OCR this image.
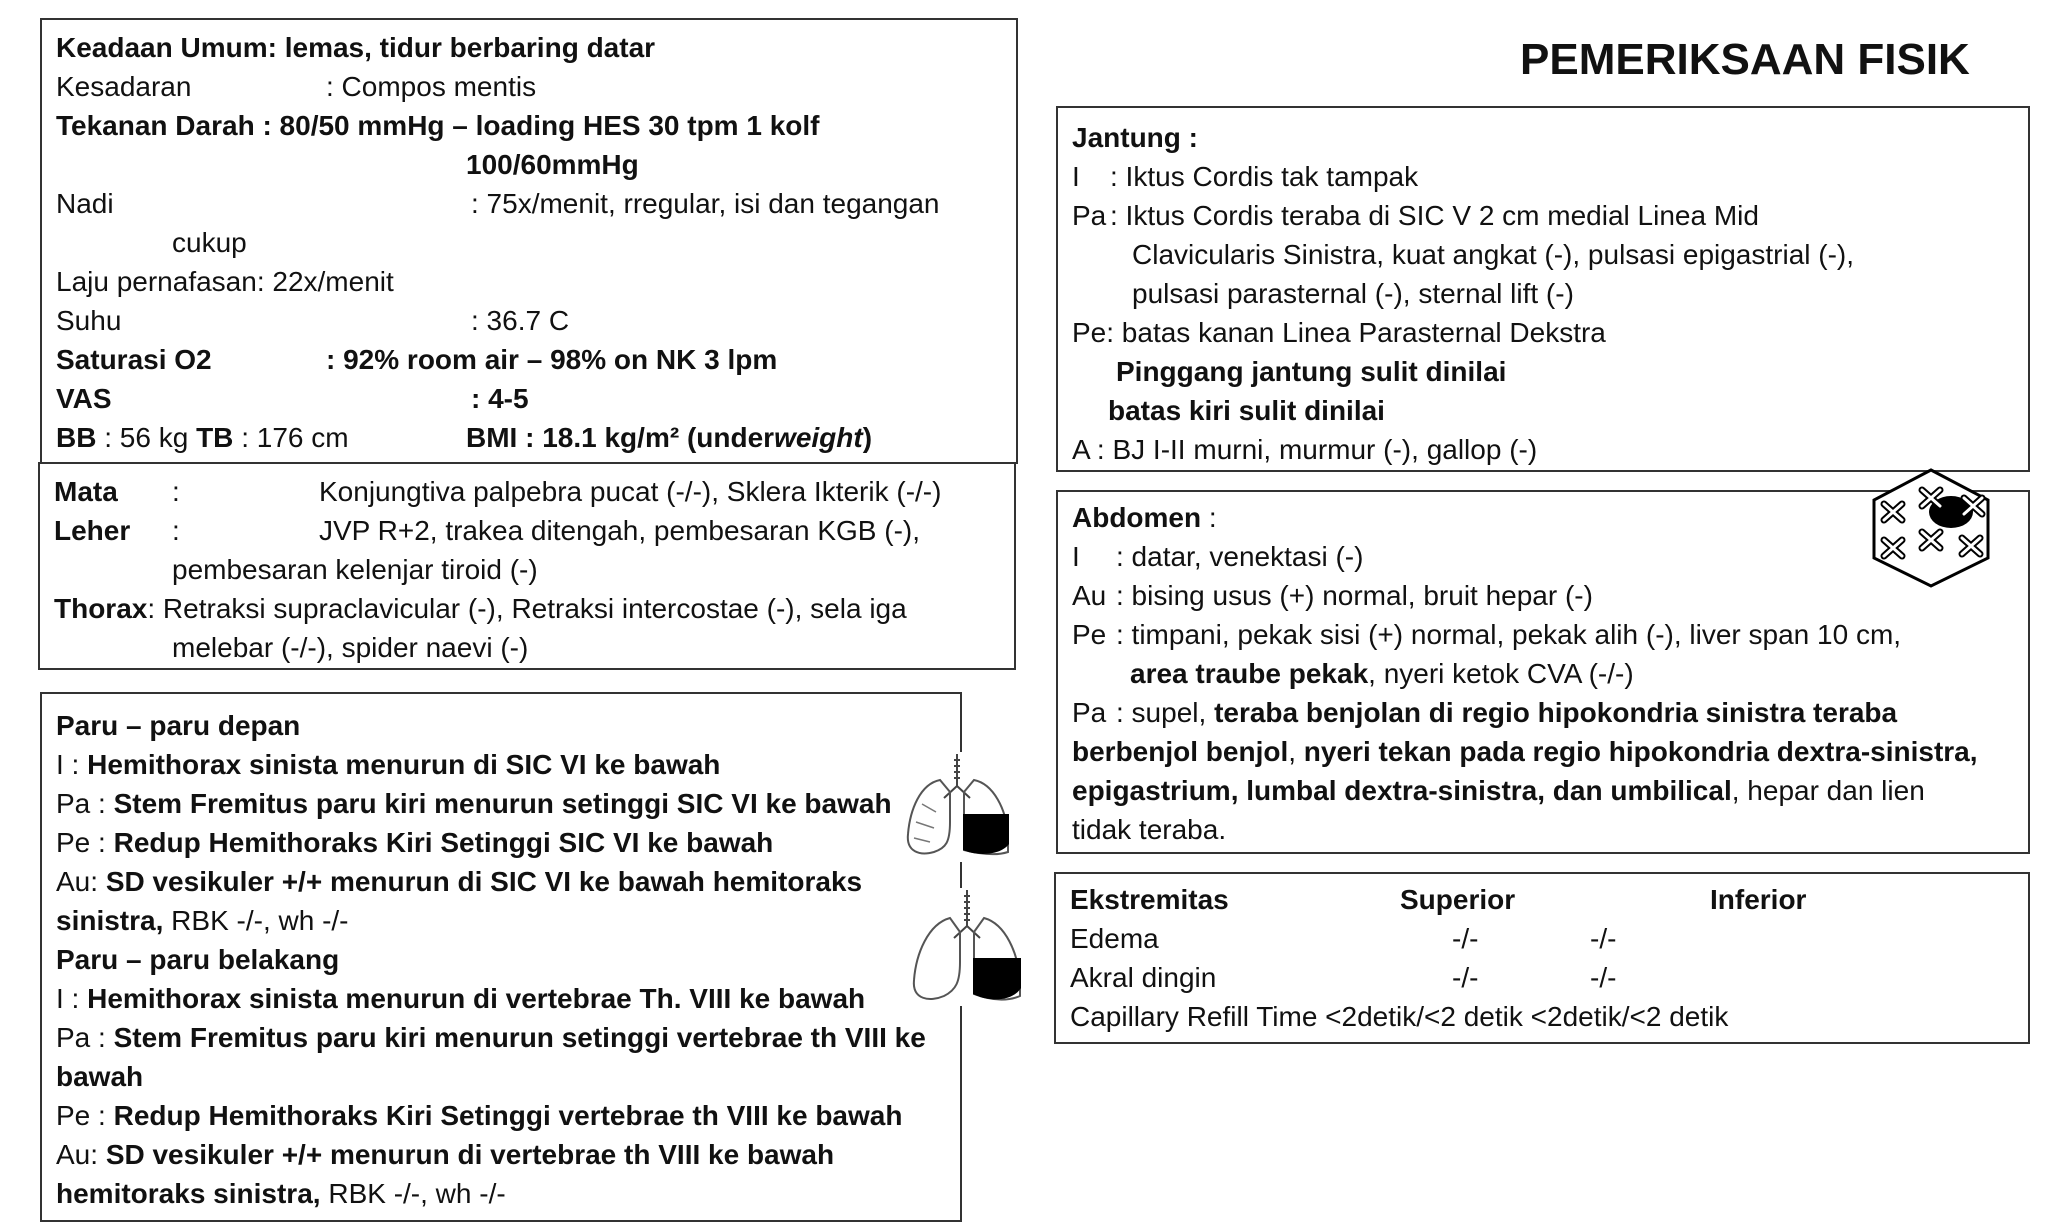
PEMERIKSAAN FISIK
Keadaan Umum: lemas, tidur berbaring datar
Kesadaran	: Compos mentis
Tekanan Darah : 80/50 mmHg – loading HES 30 tpm 1 kolf
100/60mmHg
Nadi	: 75x/menit, rregular, isi dan tegangan
cukup
Laju pernafasan: 22x/menit
Suhu	: 36.7 C
Saturasi O2	: 92% room air – 98% on NK 3 lpm
VAS	: 4-5
BB : 56 kg TB : 176 cm	BMI : 18.1 kg/m² (underweight)
Mata :	Konjungtiva palpebra pucat (-/-), Sklera Ikterik (-/-)
Leher :	JVP R+2, trakea ditengah, pembesaran KGB (-),
pembesaran kelenjar tiroid (-)
Thorax: Retraksi supraclavicular (-), Retraksi intercostae (-), sela iga
melebar (-/-), spider naevi (-)
Paru – paru depan
I : Hemithorax sinista menurun di SIC VI ke bawah
Pa : Stem Fremitus paru kiri menurun setinggi SIC VI ke bawah
Pe : Redup Hemithoraks Kiri Setinggi SIC VI ke bawah
Au: SD vesikuler +/+ menurun di SIC VI ke bawah hemitoraks
sinistra, RBK -/-, wh -/-
Paru – paru belakang
I : Hemithorax sinista menurun di vertebrae Th. VIII ke bawah
Pa : Stem Fremitus paru kiri menurun setinggi vertebrae th VIII ke
bawah
Pe : Redup Hemithoraks Kiri Setinggi vertebrae th VIII ke bawah
Au: SD vesikuler +/+ menurun di vertebrae th VIII ke bawah
hemitoraks sinistra, RBK -/-, wh -/-
Jantung :
I : Iktus Cordis tak tampak
Pa : Iktus Cordis teraba di SIC V 2 cm medial Linea Mid
Clavicularis Sinistra, kuat angkat (-), pulsasi epigastrial (-),
pulsasi parasternal (-), sternal lift (-)
Pe: batas kanan Linea Parasternal Dekstra
Pinggang jantung sulit dinilai
batas kiri sulit dinilai
A : BJ I-II murni, murmur (-), gallop (-)
Abdomen :
I : datar, venektasi (-)
Au : bising usus (+) normal, bruit hepar (-)
Pe : timpani, pekak sisi (+) normal, pekak alih (-), liver span 10 cm,
area traube pekak, nyeri ketok CVA (-/-)
Pa : supel, teraba benjolan di regio hipokondria sinistra teraba
berbenjol benjol, nyeri tekan pada regio hipokondria dextra-sinistra,
epigastrium, lumbal dextra-sinistra, dan umbilical, hepar dan lien
tidak teraba.
Ekstremitas	Superior	Inferior
Edema	-/-	-/-
Akral dingin	-/-	-/-
Capillary Refill Time <2detik/<2 detik <2detik/<2 detik
